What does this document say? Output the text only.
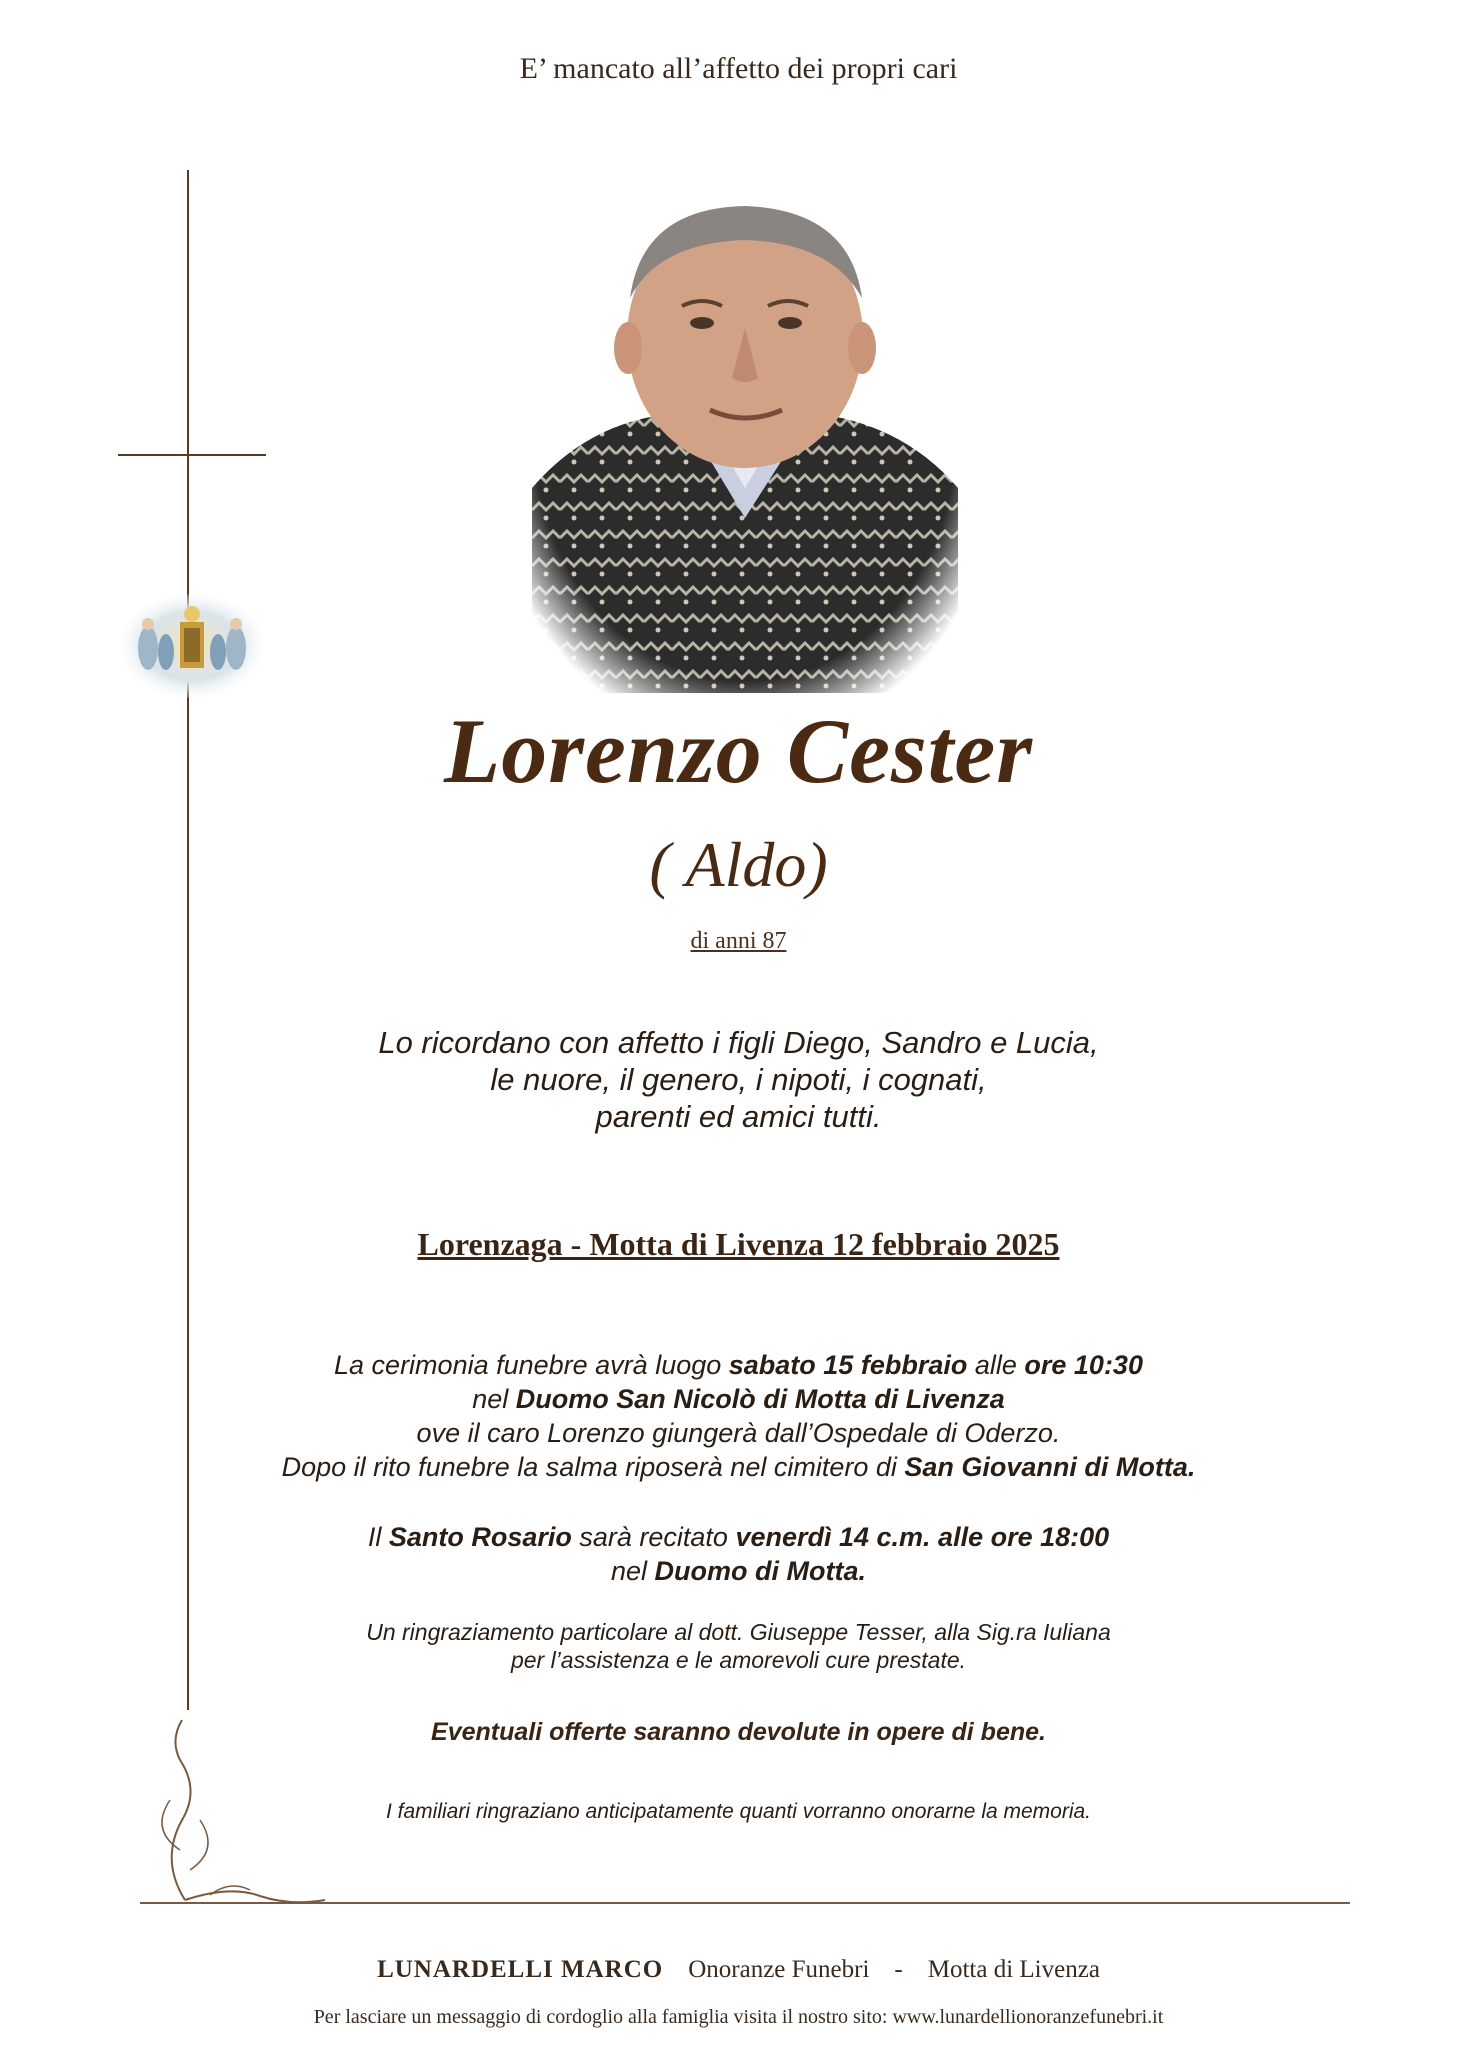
E’ mancato all’affetto dei propri cari
Lorenzo Cester
( Aldo)
di anni 87
Lo ricordano con affetto i figli Diego, Sandro e Lucia,
le nuore, il genero, i nipoti, i cognati,
parenti ed amici tutti.
Lorenzaga - Motta di Livenza 12 febbraio 2025
La cerimonia funebre avrà luogo sabato 15 febbraio alle ore 10:30
nel Duomo San Nicolò di Motta di Livenza
ove il caro Lorenzo giungerà dall’Ospedale di Oderzo.
Dopo il rito funebre la salma riposerà nel cimitero di San Giovanni di Motta.
Il Santo Rosario sarà recitato venerdì 14 c.m. alle ore 18:00
nel Duomo di Motta.
Un ringraziamento particolare al dott. Giuseppe Tesser, alla Sig.ra Iuliana
per l’assistenza e le amorevoli cure prestate.
Eventuali offerte saranno devolute in opere di bene.
I familiari ringraziano anticipatamente quanti vorranno onorarne la memoria.
LUNARDELLI MARCO Onoranze Funebri - Motta di Livenza
Per lasciare un messaggio di cordoglio alla famiglia visita il nostro sito: www.lunardellionoranzefunebri.it
